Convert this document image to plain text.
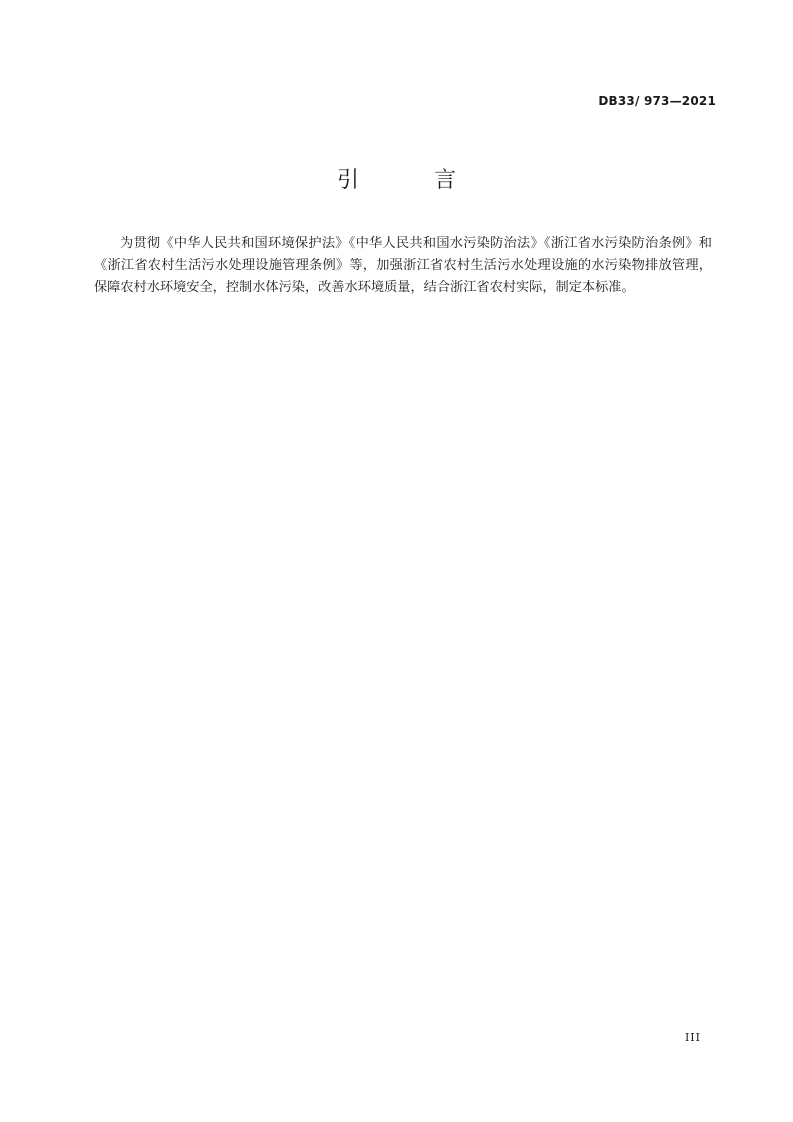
DB33/ 973—2021
引 言

为贯彻《中华人民共和国环境保护法》《中华人民共和国水污染防治法》《浙江省水污染防治条例》和《浙江省农村生活污水处理设施管理条例》等，加强浙江省农村生活污水处理设施的水污染物排放管理，保障农村水环境安全，控制水体污染，改善水环境质量，结合浙江省农村实际，制定本标准。

III
